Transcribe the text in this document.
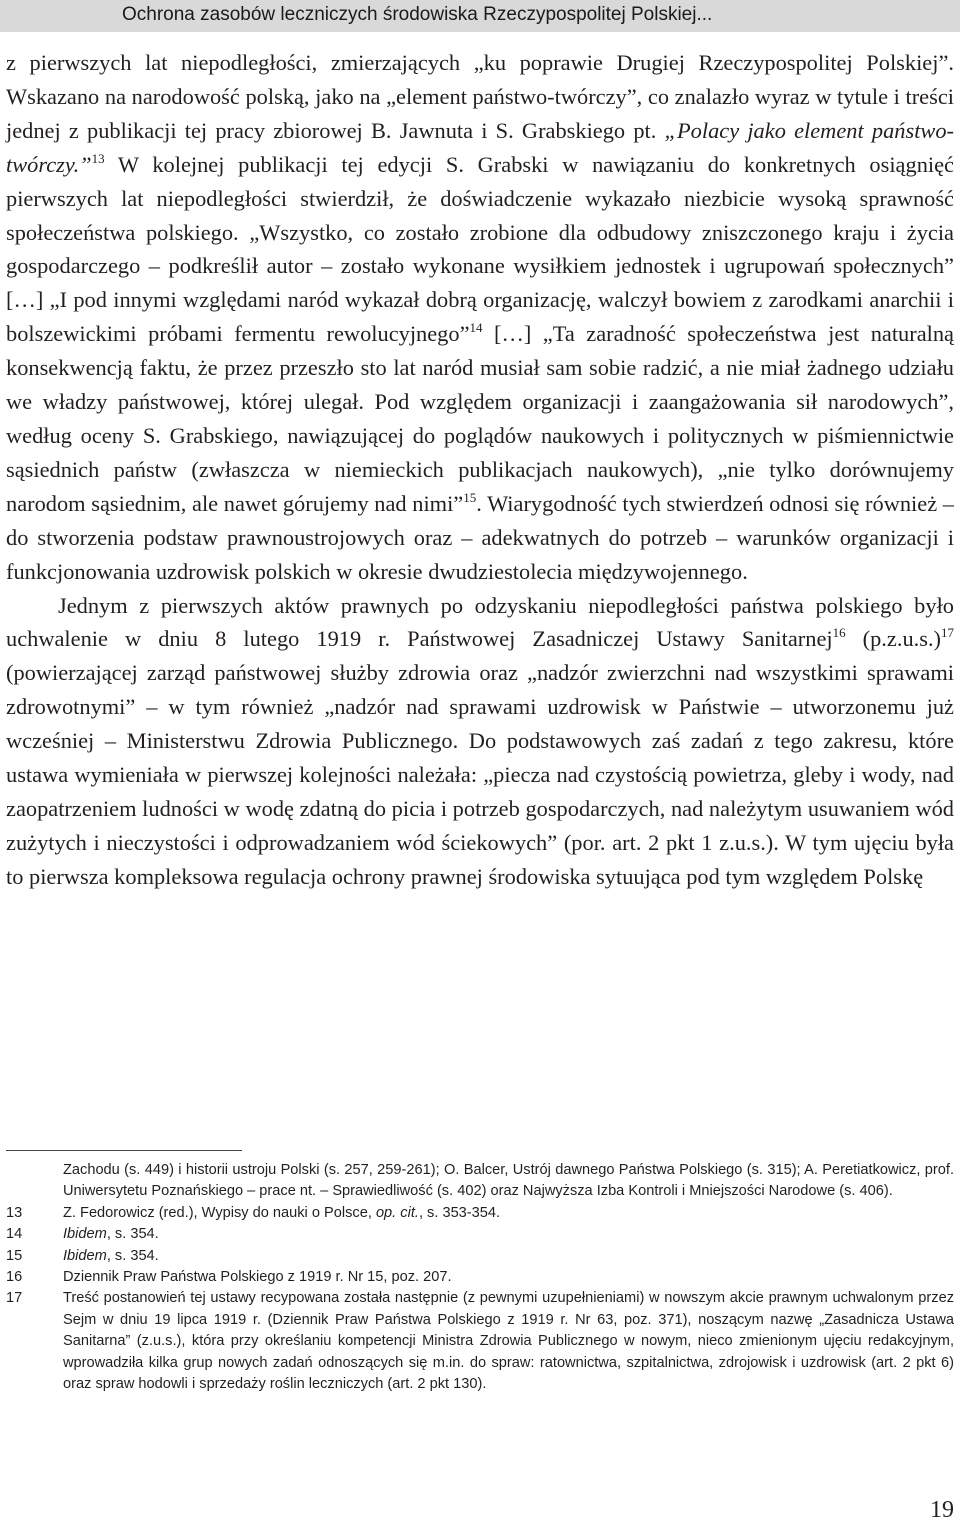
Ochrona zasobów leczniczych środowiska Rzeczypospolitej Polskiej...

z pierwszych lat niepodległości, zmierzających „ku poprawie Drugiej Rzeczypospolitej Polskiej”. Wskazano na narodowość polską, jako na „element państwo-twórczy”, co znalazło wyraz w tytule i treści jednej z publikacji tej pracy zbiorowej B. Jawnuta i S. Grabskiego pt. „Polacy jako element państwo-twórczy.”$^{13}$ W kolejnej publikacji tej edycji S. Grabski w nawiązaniu do konkretnych osiągnięć pierwszych lat niepodległości stwierdził, że doświadczenie wykazało niezbicie wysoką sprawność społeczeństwa polskiego. „Wszystko, co zostało zrobione dla odbudowy zniszczonego kraju i życia gospodarczego – podkreślił autor – zostało wykonane wysiłkiem jednostek i ugrupowań społecznych” […] „I pod innymi względami naród wykazał dobrą organizację, walczył bowiem z zarodkami anarchii i bolszewickimi próbami fermentu rewolucyjnego”$^{14}$ […] „Ta zaradność społeczeństwa jest naturalną konsekwencją faktu, że przez przeszło sto lat naród musiał sam sobie radzić, a nie miał żadnego udziału we władzy państwowej, której ulegał. Pod względem organizacji i zaangażowania sił narodowych”, według oceny S. Grabskiego, nawiązującej do poglądów naukowych i politycznych w piśmiennictwie sąsiednich państw (zwłaszcza w niemieckich publikacjach naukowych), „nie tylko dorównujemy narodom sąsiednim, ale nawet górujemy nad nimi”$^{15}$. Wiarygodność tych stwierdzeń odnosi się również – do stworzenia podstaw prawnoustrojowych oraz – adekwatnych do potrzeb – warunków organizacji i funkcjonowania uzdrowisk polskich w okresie dwudziestolecia międzywojennego.

Jednym z pierwszych aktów prawnych po odzyskaniu niepodległości państwa polskiego było uchwalenie w dniu 8 lutego 1919 r. Państwowej Zasadniczej Ustawy Sanitarnej$^{16}$ $(p.z.u.s.)^{17}$ (powierzającej zarząd państwowej służby zdrowia oraz „nadzór zwierzchni nad wszystkimi sprawami zdrowotnymi” – w tym również „nadzór nad sprawami uzdrowisk w Państwie – utworzonemu już wcześniej – Ministerstwu Zdrowia Publicznego. Do podstawowych zaś zadań z tego zakresu, które ustawa wymieniała w pierwszej kolejności należała: „piecza nad czystością powietrza, gleby i wody, nad zaopatrzeniem ludności w wodę zdatną do picia i potrzeb gospodarczych, nad należytym usuwaniem wód zużytych i nieczystości i odprowadzaniem wód ściekowych” (por. art. 2 pkt 1 z.u.s.). W tym ujęciu była to pierwsza kompleksowa regulacja ochrony prawnej środowiska sytuująca pod tym względem Polskę

Zachodu (s. 449) i historii ustroju Polski (s. 257, 259-261); O. Balcer, Ustrój dawnego Państwa Polskiego (s. 315); A. Peretiatkowicz, prof. Uniwersytetu Poznańskiego – prace nt. – Sprawiedliwość (s. 402) oraz Najwyższa Izba Kontroli i Mniejszości Narodowe (s. 406).
13	Z. Fedorowicz (red.), Wypisy do nauki o Polsce, op. cit., s. 353-354.
14	Ibidem, s. 354.
15	Ibidem, s. 354.
16	Dziennik Praw Państwa Polskiego z 1919 r. Nr 15, poz. 207.
17	Treść postanowień tej ustawy recypowana została następnie (z pewnymi uzupełnieniami) w nowszym akcie prawnym uchwalonym przez Sejm w dniu 19 lipca 1919 r. (Dziennik Praw Państwa Polskiego z 1919 r. Nr 63, poz. 371), noszącym nazwę „Zasadnicza Ustawa Sanitarna” (z.u.s.), która przy określaniu kompetencji Ministra Zdrowia Publicznego w nowym, nieco zmienionym ujęciu redakcyjnym, wprowadziła kilka grup nowych zadań odnoszących się m.in. do spraw: ratownictwa, szpitalnictwa, zdrojowisk i uzdrowisk (art. 2 pkt 6) oraz spraw hodowli i sprzedaży roślin leczniczych (art. 2 pkt 130).
19
